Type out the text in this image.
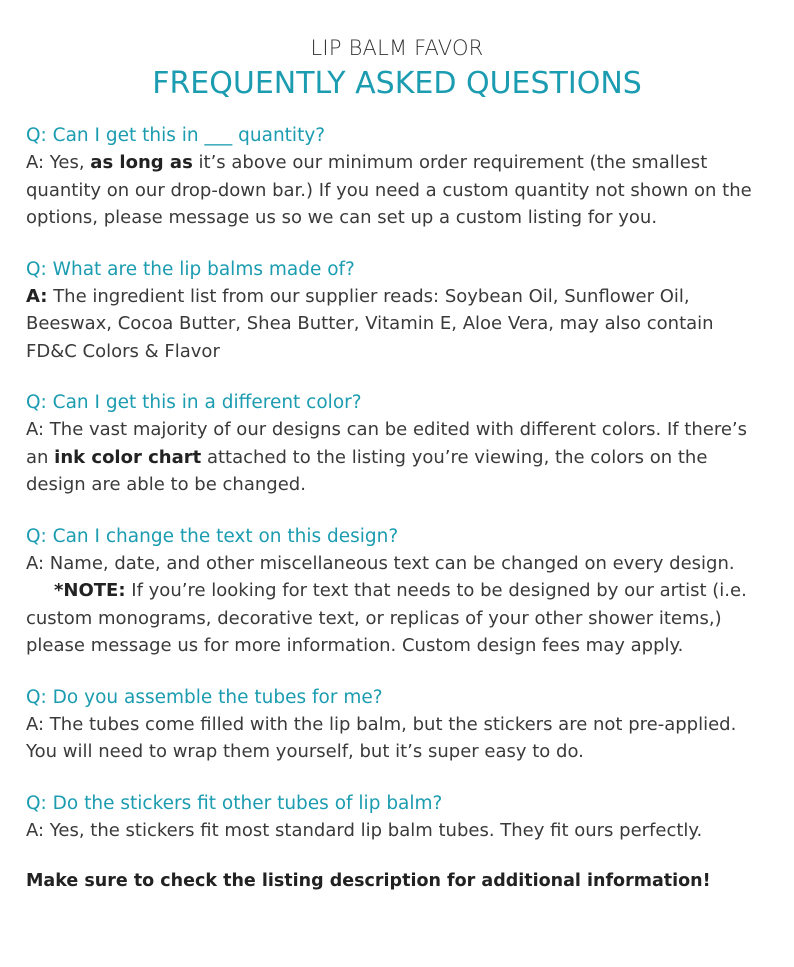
LIP BALM FAVOR
FREQUENTLY ASKED QUESTIONS
Q: Can I get this in ___ quantity?
A: Yes, as long as it’s above our minimum order requirement (the smallest quantity on our drop-down bar.) If you need a custom quantity not shown on the options, please message us so we can set up a custom listing for you.
Q: What are the lip balms made of?
A: The ingredient list from our supplier reads: Soybean Oil, Sunflower Oil, Beeswax, Cocoa Butter, Shea Butter, Vitamin E, Aloe Vera, may also contain FD&C Colors & Flavor
Q: Can I get this in a different color?
A: The vast majority of our designs can be edited with different colors. If there’s an ink color chart attached to the listing you’re viewing, the colors on the design are able to be changed.
Q: Can I change the text on this design?
A: Name, date, and other miscellaneous text can be changed on every design.
*NOTE: If you’re looking for text that needs to be designed by our artist (i.e. custom monograms, decorative text, or replicas of your other shower items,) please message us for more information. Custom design fees may apply.
Q: Do you assemble the tubes for me?
A: The tubes come filled with the lip balm, but the stickers are not pre-applied. You will need to wrap them yourself, but it’s super easy to do.
Q: Do the stickers fit other tubes of lip balm?
A: Yes, the stickers fit most standard lip balm tubes. They fit ours perfectly.
Make sure to check the listing description for additional information!
